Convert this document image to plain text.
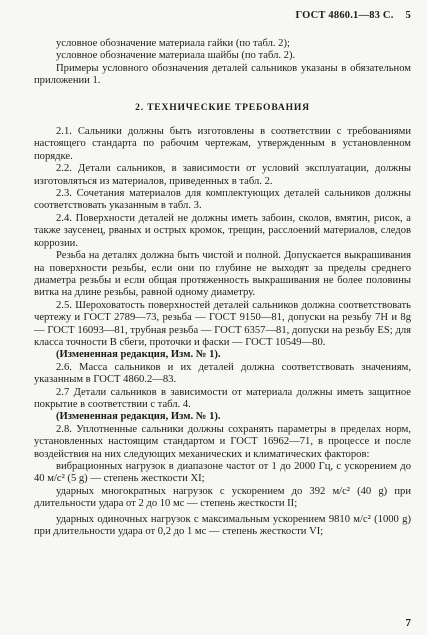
ГОСТ 4860.1—83 С. 5

условное обозначение материала гайки (по табл. 2);

условное обозначение материала шайбы (по табл. 2).

Примеры условного обозначения деталей сальников указаны в обязательном приложении 1.

2. ТЕХНИЧЕСКИЕ ТРЕБОВАНИЯ

2.1. Сальники должны быть изготовлены в соответствии с требованиями настоящего стандарта по рабочим чертежам, утвержденным в установленном порядке.

2.2. Детали сальников, в зависимости от условий эксплуатации, должны изготовляться из материалов, приведенных в табл. 2.

2.3. Сочетания материалов для комплектующих деталей сальников должны соответствовать указанным в табл. 3.

2.4. Поверхности деталей не должны иметь забоин, сколов, вмятин, рисок, а также заусенец, рваных и острых кромок, трещин, расслоений материалов, следов коррозии.

Резьба на деталях должна быть чистой и полной. Допускается выкрашивания на поверхности резьбы, если они по глубине не выходят за пределы среднего диаметра резьбы и если общая протяженность выкрашивания не более половины витка на длине резьбы, равной одному диаметру.

2.5. Шероховатость поверхностей деталей сальников должна соответствовать чертежу и ГОСТ 2789—73, резьба — ГОСТ 9150—81, допуски на резьбу 7H и 8g — ГОСТ 16093—81, трубная резьба — ГОСТ 6357—81, допуски на резьбу ES; для класса точности В сбеги, проточки и фаски — ГОСТ 10549—80.

(Измененная редакция, Изм. № 1).

2.6. Масса сальников и их деталей должна соответствовать значениям, указанным в ГОСТ 4860.2—83.

2.7 Детали сальников в зависимости от материала должны иметь защитное покрытие в соответствии с табл. 4.

(Измененная редакция, Изм. № 1).

2.8. Уплотненные сальники должны сохранять параметры в пределах норм, установленных настоящим стандартом и ГОСТ 16962—71, в процессе и после воздействия на них следующих механических и климатических факторов:

вибрационных нагрузок в диапазоне частот от 1 до 2000 Гц, с ускорением до 40 м/с² (5 g) — степень жесткости XI;

ударных многократных нагрузок с ускорением до 392 м/с² (40 g) при длительности удара от 2 до 10 мс — степень жесткости II;

ударных одиночных нагрузок с максимальным ускорением 9810 м/с² (1000 g) при длительности удара от 0,2 до 1 мс — степень жесткости VI;

7
